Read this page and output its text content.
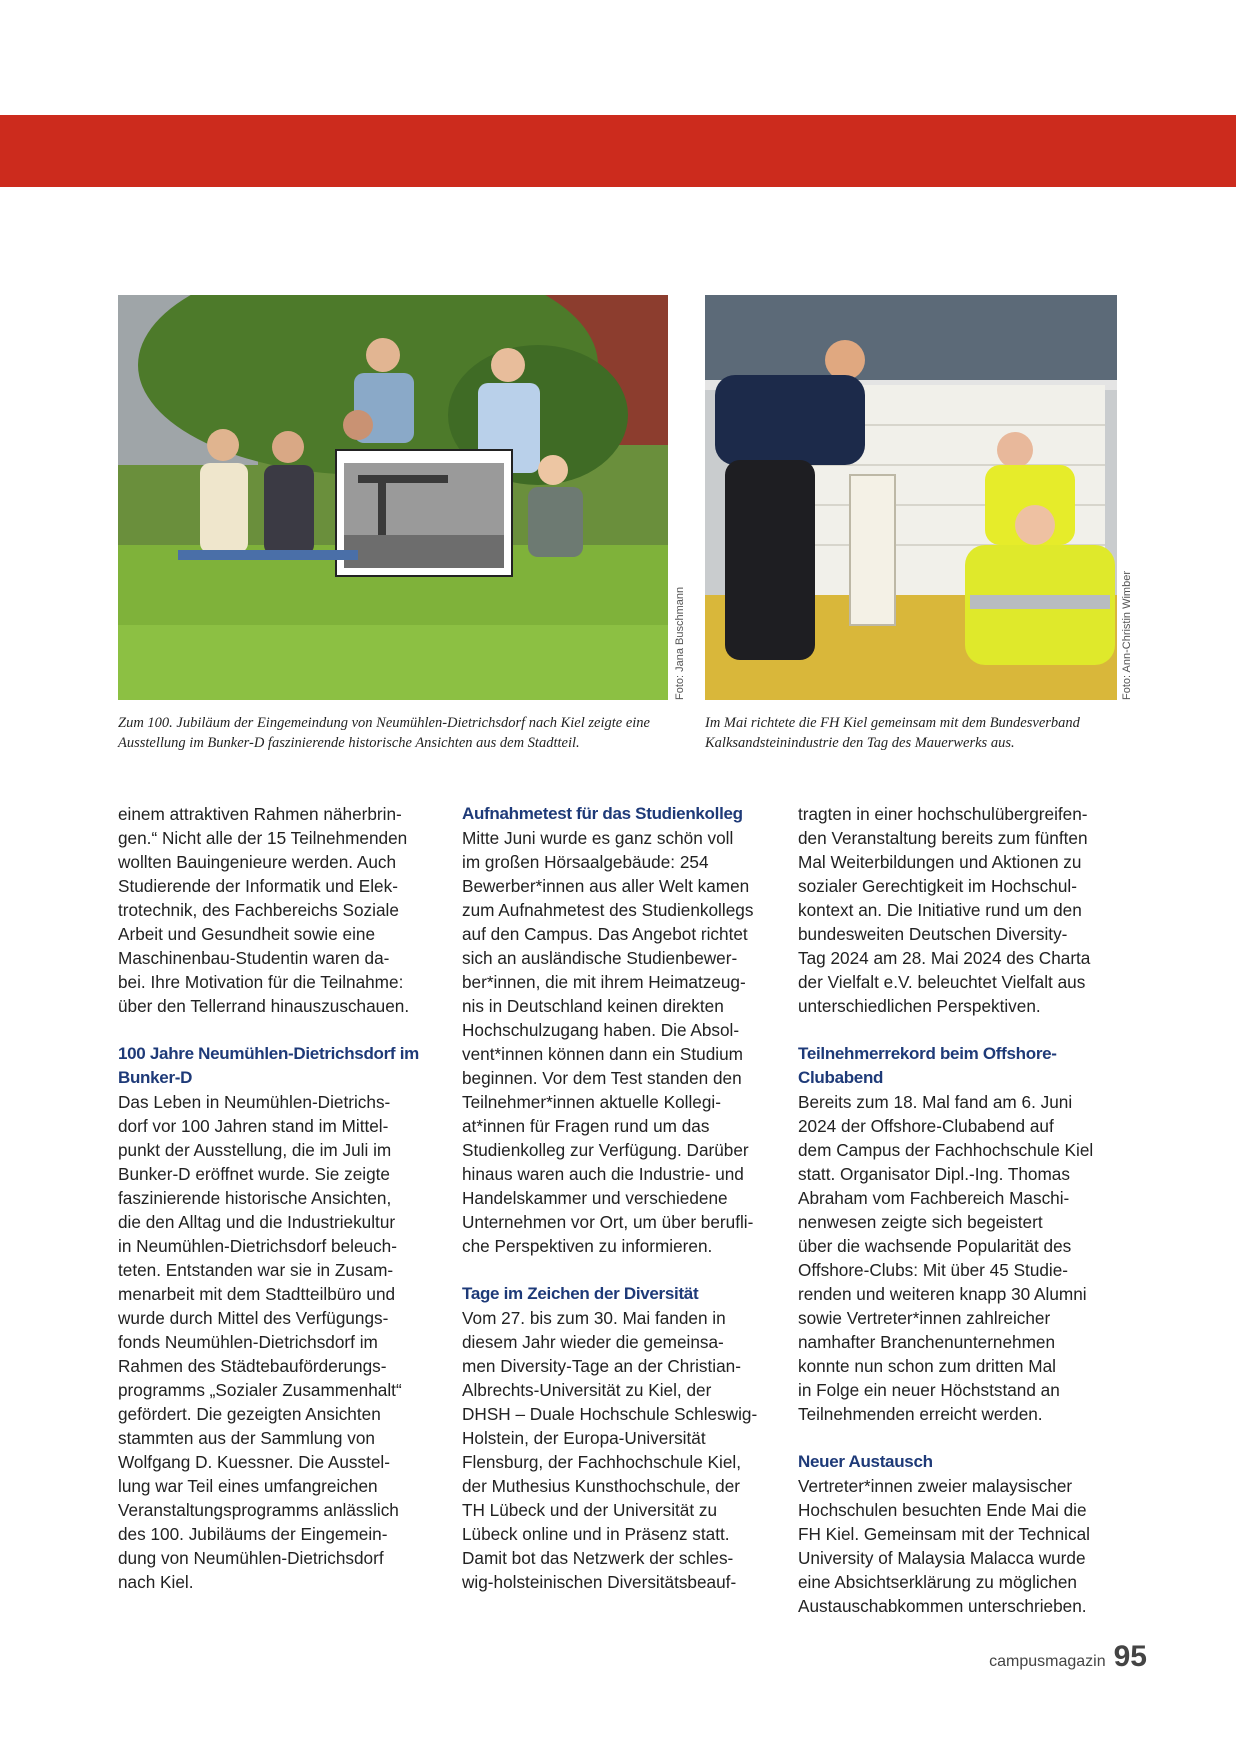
Foto: Jana Buschmann	Foto: Ann-Christin Wimber
Zum 100. Jubiläum der Eingemeindung von Neumühlen-Dietrichsdorf nach Kiel zeigte eine Ausstellung im Bunker-D faszinierende historische Ansichten aus dem Stadtteil.
Im Mai richtete die FH Kiel gemeinsam mit dem Bundesverband Kalksandsteinindustrie den Tag des Mauerwerks aus.

einem attraktiven Rahmen näherbrin-
gen.“ Nicht alle der 15 Teilnehmenden
wollten Bauingenieure werden. Auch
Studierende der Informatik und Elek-
trotechnik, des Fachbereichs Soziale
Arbeit und Gesundheit sowie eine
Maschinenbau-Studentin waren da-
bei. Ihre Motivation für die Teilnahme:
über den Tellerrand hinauszuschauen.

100 Jahre Neumühlen-Dietrichsdorf im
Bunker-D

Das Leben in Neumühlen-Dietrichs-
dorf vor 100 Jahren stand im Mittel-
punkt der Ausstellung, die im Juli im
Bunker-D eröffnet wurde. Sie zeigte
faszinierende historische Ansichten,
die den Alltag und die Industriekultur
in Neumühlen-Dietrichsdorf beleuch-
teten. Entstanden war sie in Zusam-
menarbeit mit dem Stadtteilbüro und
wurde durch Mittel des Verfügungs-
fonds Neumühlen-Dietrichsdorf im
Rahmen des Städtebauförderungs-
programms „Sozialer Zusammenhalt“
gefördert. Die gezeigten Ansichten
stammten aus der Sammlung von
Wolfgang D. Kuessner. Die Ausstel-
lung war Teil eines umfangreichen
Veranstaltungsprogramms anlässlich
des 100. Jubiläums der Eingemein-
dung von Neumühlen-Dietrichsdorf
nach Kiel.

Aufnahmetest für das Studienkolleg

Mitte Juni wurde es ganz schön voll
im großen Hörsaalgebäude: 254
Bewerber*innen aus aller Welt kamen
zum Aufnahmetest des Studienkollegs
auf den Campus. Das Angebot richtet
sich an ausländische Studienbewer-
ber*innen, die mit ihrem Heimatzeug-
nis in Deutschland keinen direkten
Hochschulzugang haben. Die Absol-
vent*innen können dann ein Studium
beginnen. Vor dem Test standen den
Teilnehmer*innen aktuelle Kollegi-
at*innen für Fragen rund um das
Studienkolleg zur Verfügung. Darüber
hinaus waren auch die Industrie- und
Handelskammer und verschiedene
Unternehmen vor Ort, um über berufli-
che Perspektiven zu informieren.

Tage im Zeichen der Diversität

Vom 27. bis zum 30. Mai fanden in
diesem Jahr wieder die gemeinsa-
men Diversity-Tage an der Christian-
Albrechts-Universität zu Kiel, der
DHSH – Duale Hochschule Schleswig-
Holstein, der Europa-Universität
Flensburg, der Fachhochschule Kiel,
der Muthesius Kunsthochschule, der
TH Lübeck und der Universität zu
Lübeck online und in Präsenz statt.
Damit bot das Netzwerk der schles-
wig-holsteinischen Diversitätsbeauf-

tragten in einer hochschulübergreifen-
den Veranstaltung bereits zum fünften
Mal Weiterbildungen und Aktionen zu
sozialer Gerechtigkeit im Hochschul-
kontext an. Die Initiative rund um den
bundesweiten Deutschen Diversity-
Tag 2024 am 28. Mai 2024 des Charta
der Vielfalt e.V. beleuchtet Vielfalt aus
unterschiedlichen Perspektiven.

Teilnehmerrekord beim Offshore-Clubabend

Bereits zum 18. Mal fand am 6. Juni
2024 der Offshore-Clubabend auf
dem Campus der Fachhochschule Kiel
statt. Organisator Dipl.-Ing. Thomas
Abraham vom Fachbereich Maschi-
nenwesen zeigte sich begeistert
über die wachsende Popularität des
Offshore-Clubs: Mit über 45 Studie-
renden und weiteren knapp 30 Alumni
sowie Vertreter*innen zahlreicher
namhafter Branchenunternehmen
konnte nun schon zum dritten Mal
in Folge ein neuer Höchststand an
Teilnehmenden erreicht werden.

Neuer Austausch

Vertreter*innen zweier malaysischer
Hochschulen besuchten Ende Mai die
FH Kiel. Gemeinsam mit der Technical
University of Malaysia Malacca wurde
eine Absichtserklärung zu möglichen
Austauschabkommen unterschrieben.

campusmagazin 95
